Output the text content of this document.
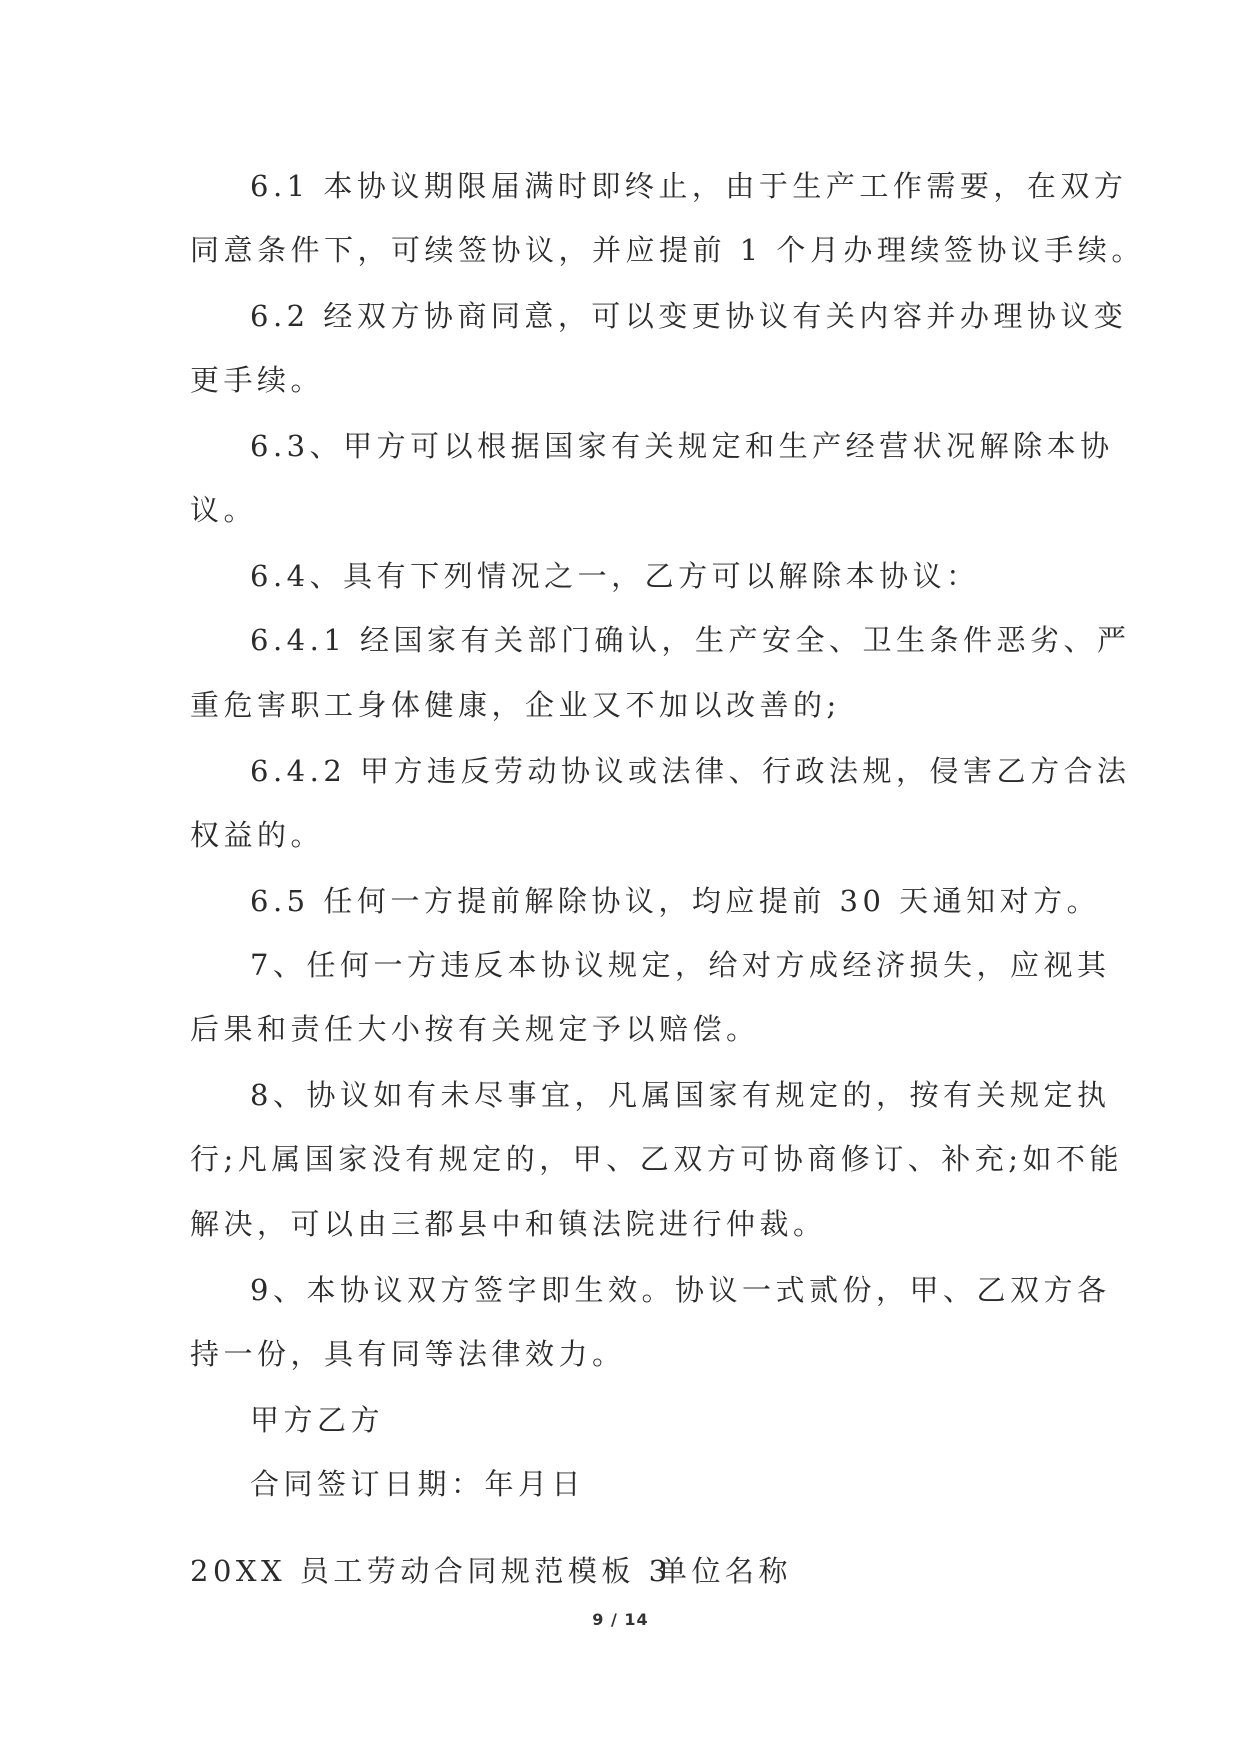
6.1 本协议期限届满时即终止，由于生产工作需要，在双方
同意条件下，可续签协议，并应提前 1 个月办理续签协议手续。
6.2 经双方协商同意，可以变更协议有关内容并办理协议变
更手续。
6.3、甲方可以根据国家有关规定和生产经营状况解除本协
议。
6.4、具有下列情况之一，乙方可以解除本协议：
6.4.1 经国家有关部门确认，生产安全、卫生条件恶劣、严
重危害职工身体健康，企业又不加以改善的;
6.4.2 甲方违反劳动协议或法律、行政法规，侵害乙方合法
权益的。
6.5 任何一方提前解除协议，均应提前 30 天通知对方。
7、任何一方违反本协议规定，给对方成经济损失，应视其
后果和责任大小按有关规定予以赔偿。
8、协议如有未尽事宜，凡属国家有规定的，按有关规定执
行;凡属国家没有规定的，甲、乙双方可协商修订、补充;如不能
解决，可以由三都县中和镇法院进行仲裁。
9、本协议双方签字即生效。协议一式贰份，甲、乙双方各
持一份，具有同等法律效力。
甲方乙方
合同签订日期：年月日
20XX 员工劳动合同规范模板 3
单位名称
9 / 14
